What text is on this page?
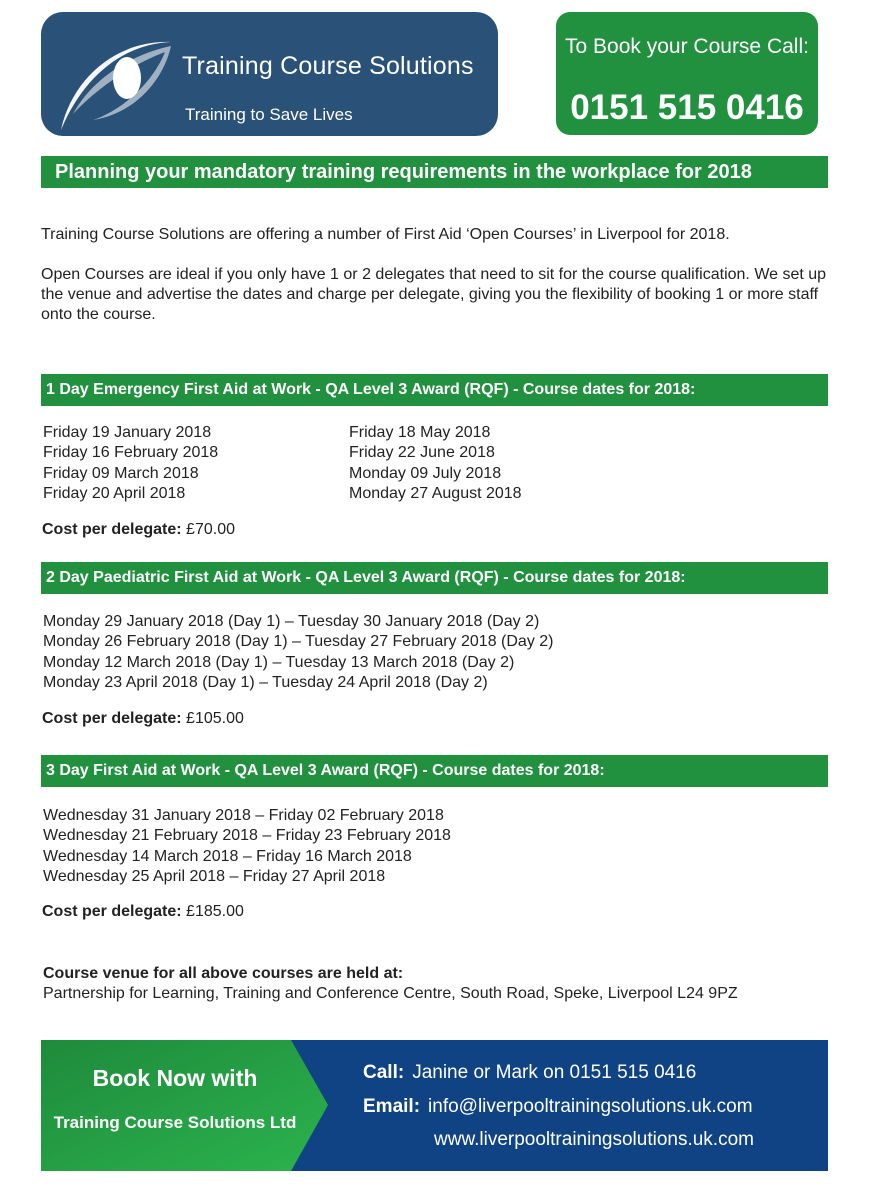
Training Course Solutions
Training to Save Lives
To Book your Course Call:
0151 515 0416
Planning your mandatory training requirements in the workplace for 2018
Training Course Solutions are offering a number of First Aid ‘Open Courses’ in Liverpool for 2018.
Open Courses are ideal if you only have 1 or 2 delegates that need to sit for the course qualification. We set up the venue and advertise the dates and charge per delegate, giving you the flexibility of booking 1 or more staff onto the course.
1 Day Emergency First Aid at Work - QA Level 3 Award (RQF) - Course dates for 2018:
Friday 19 January 2018
Friday 16 February 2018
Friday 09 March 2018
Friday 20 April 2018
Friday 18 May 2018
Friday 22 June 2018
Monday 09 July 2018
Monday 27 August 2018
Cost per delegate: £70.00
2 Day Paediatric First Aid at Work - QA Level 3 Award (RQF) - Course dates for 2018:
Monday 29 January 2018 (Day 1) – Tuesday 30 January 2018 (Day 2)
Monday 26 February 2018 (Day 1) – Tuesday 27 February 2018 (Day 2)
Monday 12 March 2018 (Day 1) – Tuesday 13 March 2018 (Day 2)
Monday 23 April 2018 (Day 1) – Tuesday 24 April 2018 (Day 2)
Cost per delegate: £105.00
3 Day First Aid at Work - QA Level 3 Award (RQF) - Course dates for 2018:
Wednesday 31 January 2018 – Friday 02 February 2018
Wednesday 21 February 2018 – Friday 23 February 2018
Wednesday 14 March 2018 – Friday 16 March 2018
Wednesday 25 April 2018 – Friday 27 April 2018
Cost per delegate: £185.00
Course venue for all above courses are held at:
Partnership for Learning, Training and Conference Centre, South Road, Speke, Liverpool L24 9PZ
Book Now with
Training Course Solutions Ltd
Call: Janine or Mark on 0151 515 0416
Email: info@liverpooltrainingsolutions.uk.com
www.liverpooltrainingsolutions.uk.com
